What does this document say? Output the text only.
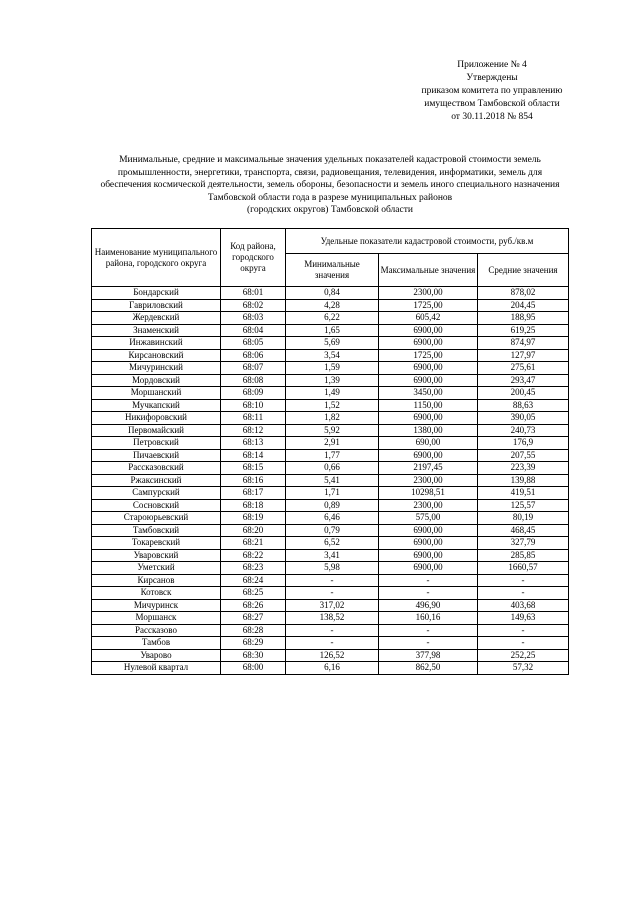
Приложение № 4
Утверждены
приказом комитета по управлению
имуществом Тамбовской области
от 30.11.2018 № 854
Минимальные, средние и максимальные значения удельных показателей кадастровой стоимости земель
промышленности, энергетики, транспорта, связи, радиовещания, телевидения, информатики, земель для
обеспечения космической деятельности, земель обороны, безопасности и земель иного специального назначения
Тамбовской области года в разрезе муниципальных районов
(городских округов) Тамбовской области
Наименование муниципального района, городского округа	Код района, городского округа	Удельные показатели кадастровой стоимости, руб./кв.м		
		Минимальные значения	Максимальные значения	Средние значения
Бондарский	68:01	0,84	2300,00	878,02
Гавриловский	68:02	4,28	1725,00	204,45
Жердевский	68:03	6,22	605,42	188,95
Знаменский	68:04	1,65	6900,00	619,25
Инжавинский	68:05	5,69	6900,00	874,97
Кирсановский	68:06	3,54	1725,00	127,97
Мичуринский	68:07	1,59	6900,00	275,61
Мордовский	68:08	1,39	6900,00	293,47
Моршанский	68:09	1,49	3450,00	200,45
Мучкапский	68:10	1,52	1150,00	88,63
Никифоровский	68:11	1,82	6900,00	390,05
Первомайский	68:12	5,92	1380,00	240,73
Петровский	68:13	2,91	690,00	176,9
Пичаевский	68:14	1,77	6900,00	207,55
Рассказовский	68:15	0,66	2197,45	223,39
Ржаксинский	68:16	5,41	2300,00	139,88
Сампурский	68:17	1,71	10298,51	419,51
Сосновский	68:18	0,89	2300,00	125,57
Староюрьевский	68:19	6,46	575,00	80,19
Тамбовский	68:20	0,79	6900,00	468,45
Токаревский	68:21	6,52	6900,00	327,79
Уваровский	68:22	3,41	6900,00	285,85
Уметский	68:23	5,98	6900,00	1660,57
Кирсанов	68:24	-	-	-
Котовск	68:25	-	-	-
Мичуринск	68:26	317,02	496,90	403,68
Моршанск	68:27	138,52	160,16	149,63
Рассказово	68:28	-	-	-
Тамбов	68:29	-	-	-
Уварово	68:30	126,52	377,98	252,25
Нулевой квартал	68:00	6,16	862,50	57,32
